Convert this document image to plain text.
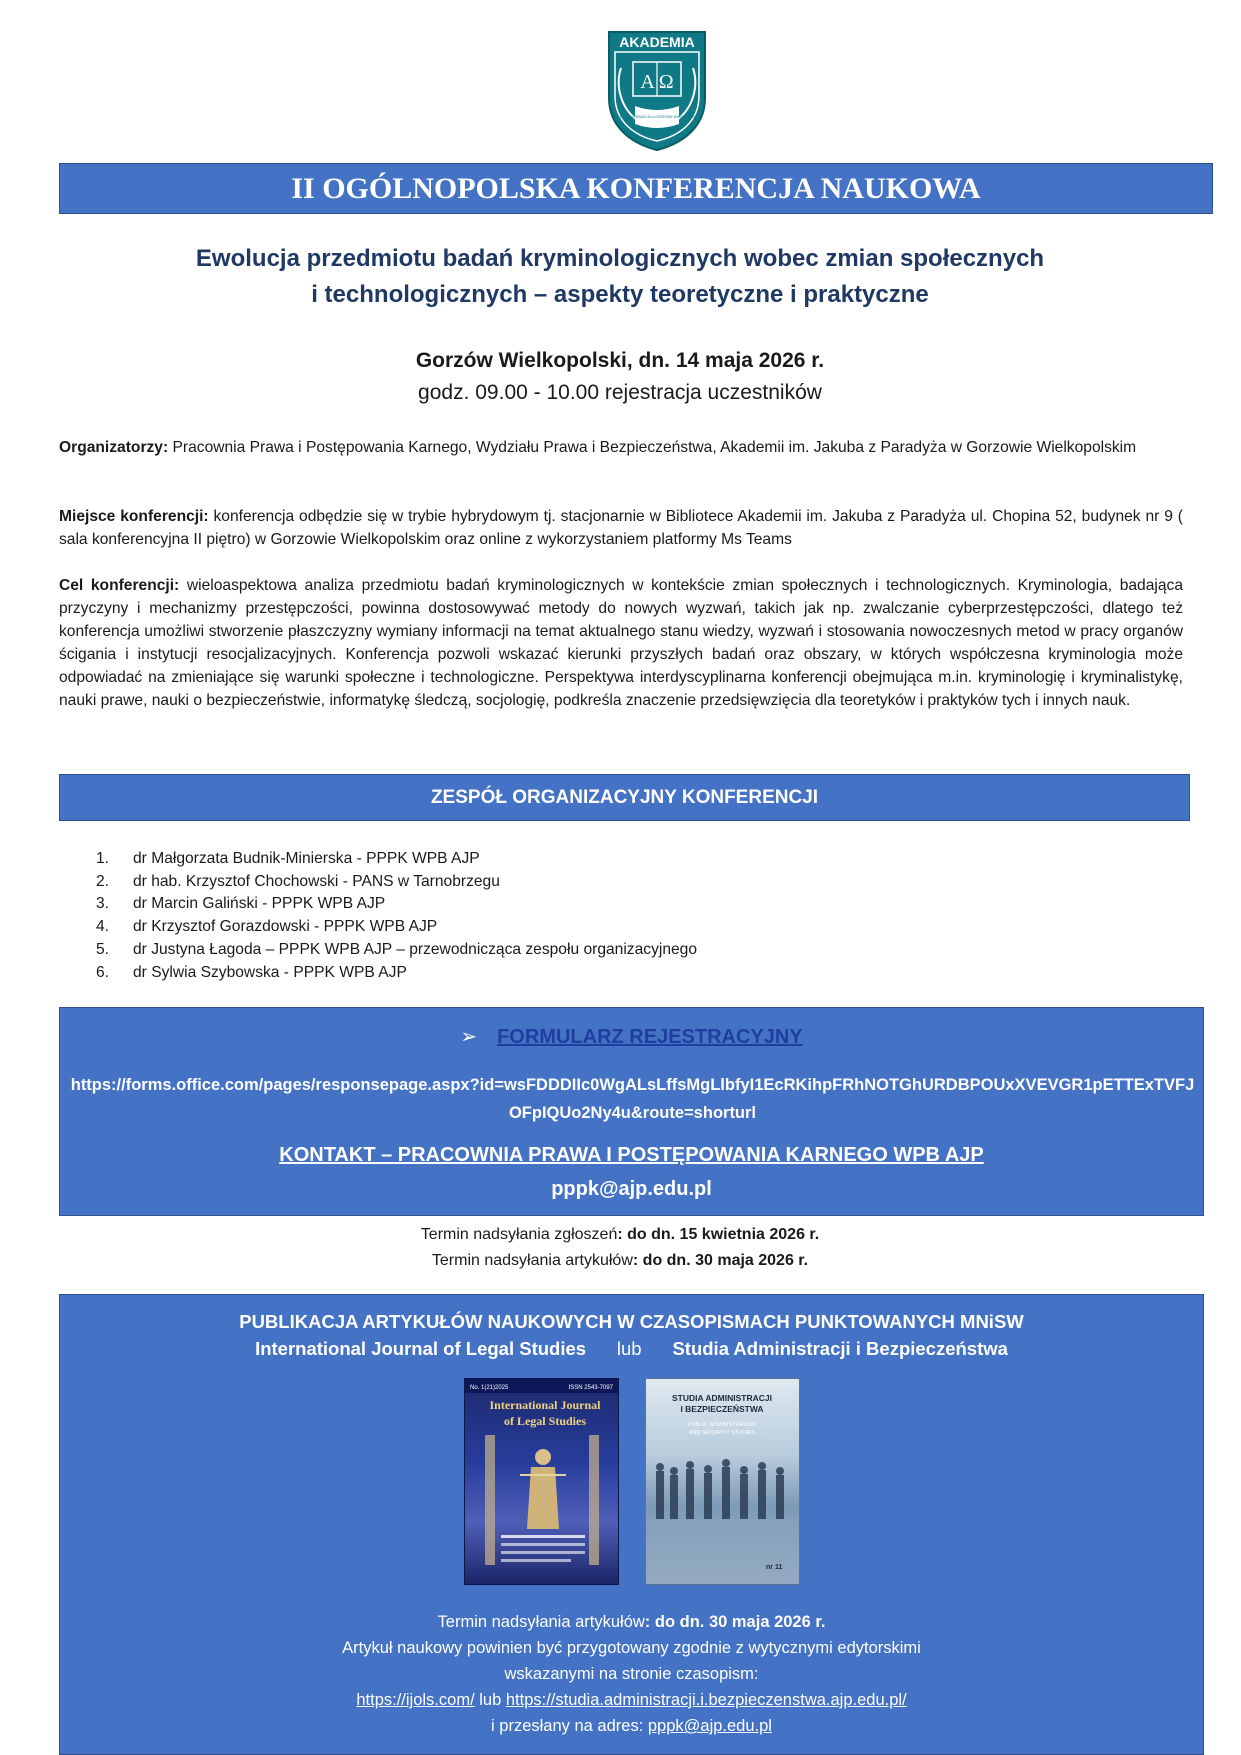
AKADEMIA
A Ω
IM. JAKUBA z PARADYŻA w GORZOWIE WIELKOPOLSKIM
II OGÓLNOPOLSKA KONFERENCJA NAUKOWA
Ewolucja przedmiotu badań kryminologicznych wobec zmian społecznych
i technologicznych – aspekty teoretyczne i praktyczne
Gorzów Wielkopolski, dn. 14 maja 2026 r.
godz. 09.00 - 10.00 rejestracja uczestników
Organizatorzy: Pracownia Prawa i Postępowania Karnego, Wydziału Prawa i Bezpieczeństwa, Akademii im. Jakuba z Paradyża w Gorzowie Wielkopolskim
Miejsce konferencji: konferencja odbędzie się w trybie hybrydowym tj. stacjonarnie w Bibliotece Akademii im. Jakuba z Paradyża ul. Chopina 52, budynek nr 9 ( sala konferencyjna II piętro) w Gorzowie Wielkopolskim oraz online z wykorzystaniem platformy Ms Teams
Cel konferencji: wieloaspektowa analiza przedmiotu badań kryminologicznych w kontekście zmian społecznych i technologicznych. Kryminologia, badająca przyczyny i mechanizmy przestępczości, powinna dostosowywać metody do nowych wyzwań, takich jak np. zwalczanie cyberprzestępczości, dlatego też konferencja umożliwi stworzenie płaszczyzny wymiany informacji na temat aktualnego stanu wiedzy, wyzwań i stosowania nowoczesnych metod w pracy organów ścigania i instytucji resocjalizacyjnych. Konferencja pozwoli wskazać kierunki przyszłych badań oraz obszary, w których współczesna kryminologia może odpowiadać na zmieniające się warunki społeczne i technologiczne. Perspektywa interdyscyplinarna konferencji obejmująca m.in. kryminologię i kryminalistykę, nauki prawe, nauki o bezpieczeństwie, informatykę śledczą, socjologię, podkreśla znaczenie przedsięwzięcia dla teoretyków i praktyków tych i innych nauk.
ZESPÓŁ ORGANIZACYJNY KONFERENCJI
1.	dr Małgorzata Budnik-Minierska - PPPK WPB AJP
2.	dr hab. Krzysztof Chochowski - PANS w Tarnobrzegu
3.	dr Marcin Galiński - PPPK WPB AJP
4.	dr Krzysztof Gorazdowski - PPPK WPB AJP
5.	dr Justyna Łagoda – PPPK WPB AJP – przewodnicząca zespołu organizacyjnego
6.	dr Sylwia Szybowska - PPPK WPB AJP
➢ FORMULARZ REJESTRACYJNY
https://forms.office.com/pages/responsepage.aspx?id=wsFDDDIIc0WgALsLffsMgLlbfyI1EcRKihpFRhNOTGhURDBPOUxXVEVGR1pETTExTVFJOFpIQUo2Ny4u&route=shorturl
KONTAKT – PRACOWNIA PRAWA I POSTĘPOWANIA KARNEGO WPB AJP
pppk@ajp.edu.pl
Termin nadsyłania zgłoszeń: do dn. 15 kwietnia 2026 r.
Termin nadsyłania artykułów: do dn. 30 maja 2026 r.
PUBLIKACJA ARTYKUŁÓW NAUKOWYCH W CZASOPISMACH PUNKTOWANYCH MNiSW
International Journal of Legal Studies lub Studia Administracji i Bezpieczeństwa
No. 1(21)2025	ISSN 2543-7097
International Journal
of Legal Studies
STUDIA ADMINISTRACJI
I BEZPIECZEŃSTWA
PUBLIC ADMINISTRATION
AND SECURITY STUDIES
nr 11
Termin nadsyłania artykułów: do dn. 30 maja 2026 r.
Artykuł naukowy powinien być przygotowany zgodnie z wytycznymi edytorskimi
wskazanymi na stronie czasopism:
https://ijols.com/ lub https://studia.administracji.i.bezpieczenstwa.ajp.edu.pl/
i przesłany na adres: pppk@ajp.edu.pl
